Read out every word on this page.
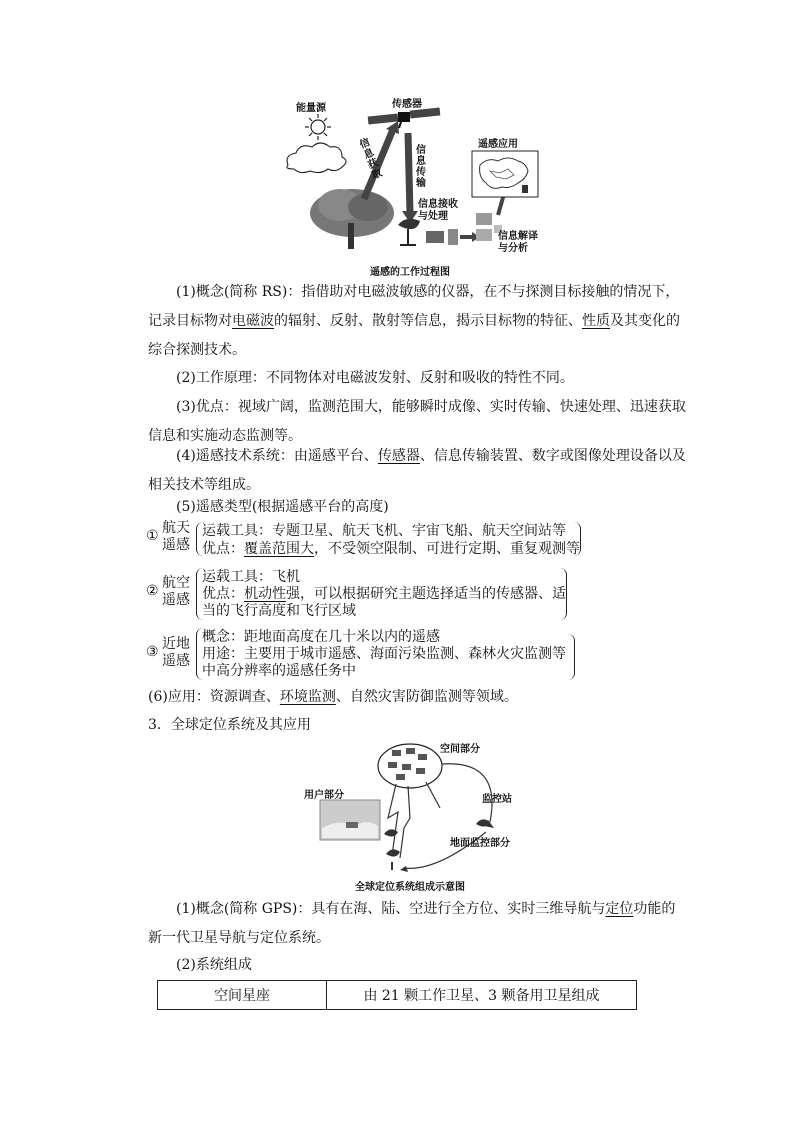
能量源	传感器
信息获取
信息传输
遥感应用
信息接收与处理
信息解译与分析
遥感的工作过程图
(1)概念(简称 RS)：指借助对电磁波敏感的仪器，在不与探测目标接触的情况下，记录目标物对电磁波的辐射、反射、散射等信息，揭示目标物的特征、性质及其变化的综合探测技术。
(2)工作原理：不同物体对电磁波发射、反射和吸收的特性不同。
(3)优点：视域广阔，监测范围大，能够瞬时成像、实时传输、快速处理、迅速获取信息和实施动态监测等。
(4)遥感技术系统：由遥感平台、传感器、信息传输装置、数字或图像处理设备以及相关技术等组成。
(5)遥感类型(根据遥感平台的高度)
① 航天
遥感
运载工具：专题卫星、航天飞机、宇宙飞船、航天空间站等
优点：覆盖范围大，不受领空限制、可进行定期、重复观测等
② 航空
遥感
运载工具：飞机
优点：机动性强，可以根据研究主题选择适当的传感器、适
当的飞行高度和飞行区域
③ 近地
遥感
概念：距地面高度在几十米以内的遥感
用途：主要用于城市遥感、海面污染监测、森林火灾监测等
中高分辨率的遥感任务中
(6)应用：资源调查、环境监测、自然灾害防御监测等领域。
3．全球定位系统及其应用
空间部分
用户部分	监控站
地面监控部分
全球定位系统组成示意图
(1)概念(简称 GPS)：具有在海、陆、空进行全方位、实时三维导航与定位功能的新一代卫星导航与定位系统。
(2)系统组成
空间星座	由 21 颗工作卫星、3 颗备用卫星组成
